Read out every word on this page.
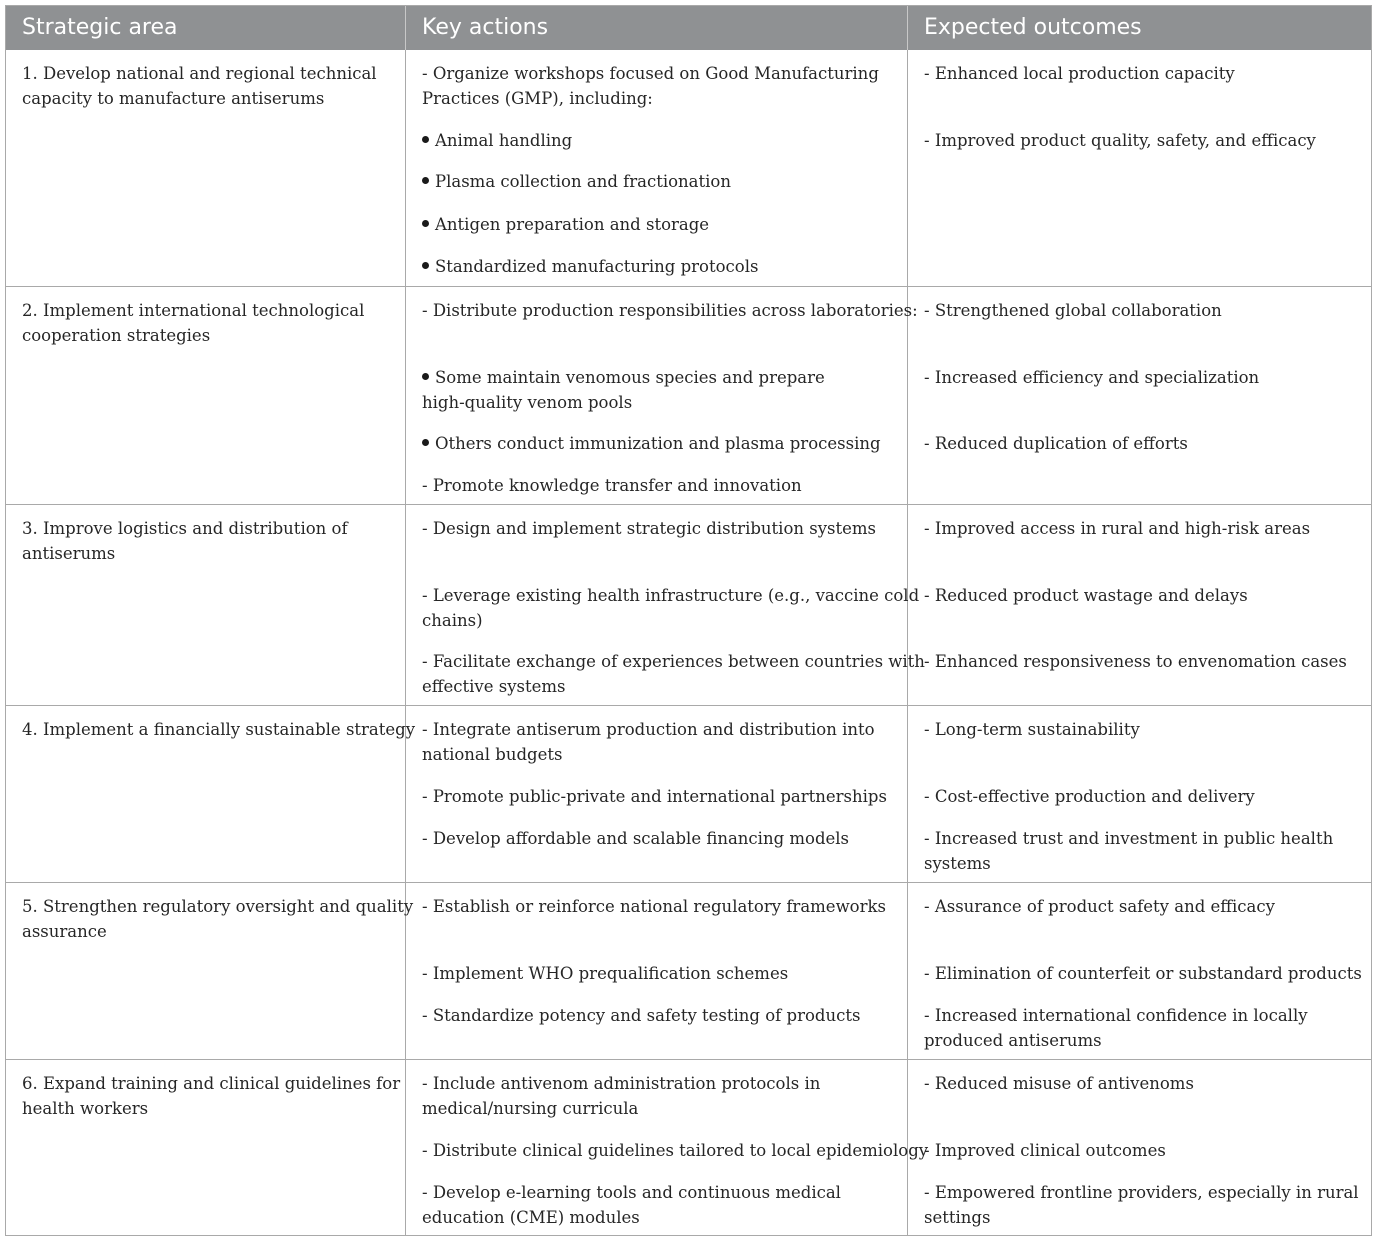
Strategic area	Key actions	Expected outcomes
1. Develop national and regional technical
capacity to manufacture antiserums
- Organize workshops focused on Good Manufacturing
Practices (GMP), including:
Animal handling
Plasma collection and fractionation
Antigen preparation and storage
Standardized manufacturing protocols
- Enhanced local production capacity
- Improved product quality, safety, and efficacy
2. Implement international technological
cooperation strategies
- Distribute production responsibilities across laboratories:
Some maintain venomous species and prepare
high-quality venom pools
Others conduct immunization and plasma processing
- Promote knowledge transfer and innovation
- Strengthened global collaboration
- Increased efficiency and specialization
- Reduced duplication of efforts
3. Improve logistics and distribution of
antiserums
- Design and implement strategic distribution systems
- Leverage existing health infrastructure (e.g., vaccine cold
chains)
- Facilitate exchange of experiences between countries with
effective systems
- Improved access in rural and high-risk areas
- Reduced product wastage and delays
- Enhanced responsiveness to envenomation cases
4. Implement a financially sustainable strategy - Integrate antiserum production and distribution into
national budgets
- Promote public-private and international partnerships
- Develop affordable and scalable financing models
- Long-term sustainability
- Cost-effective production and delivery
- Increased trust and investment in public health
systems
5. Strengthen regulatory oversight and quality
assurance
- Establish or reinforce national regulatory frameworks
- Implement WHO prequalification schemes
- Standardize potency and safety testing of products
- Assurance of product safety and efficacy
- Elimination of counterfeit or substandard products
- Increased international confidence in locally
produced antiserums
6. Expand training and clinical guidelines for
health workers
- Include antivenom administration protocols in
medical/nursing curricula
- Distribute clinical guidelines tailored to local epidemiology
- Develop e-learning tools and continuous medical
education (CME) modules
- Reduced misuse of antivenoms
- Improved clinical outcomes
- Empowered frontline providers, especially in rural
settings
